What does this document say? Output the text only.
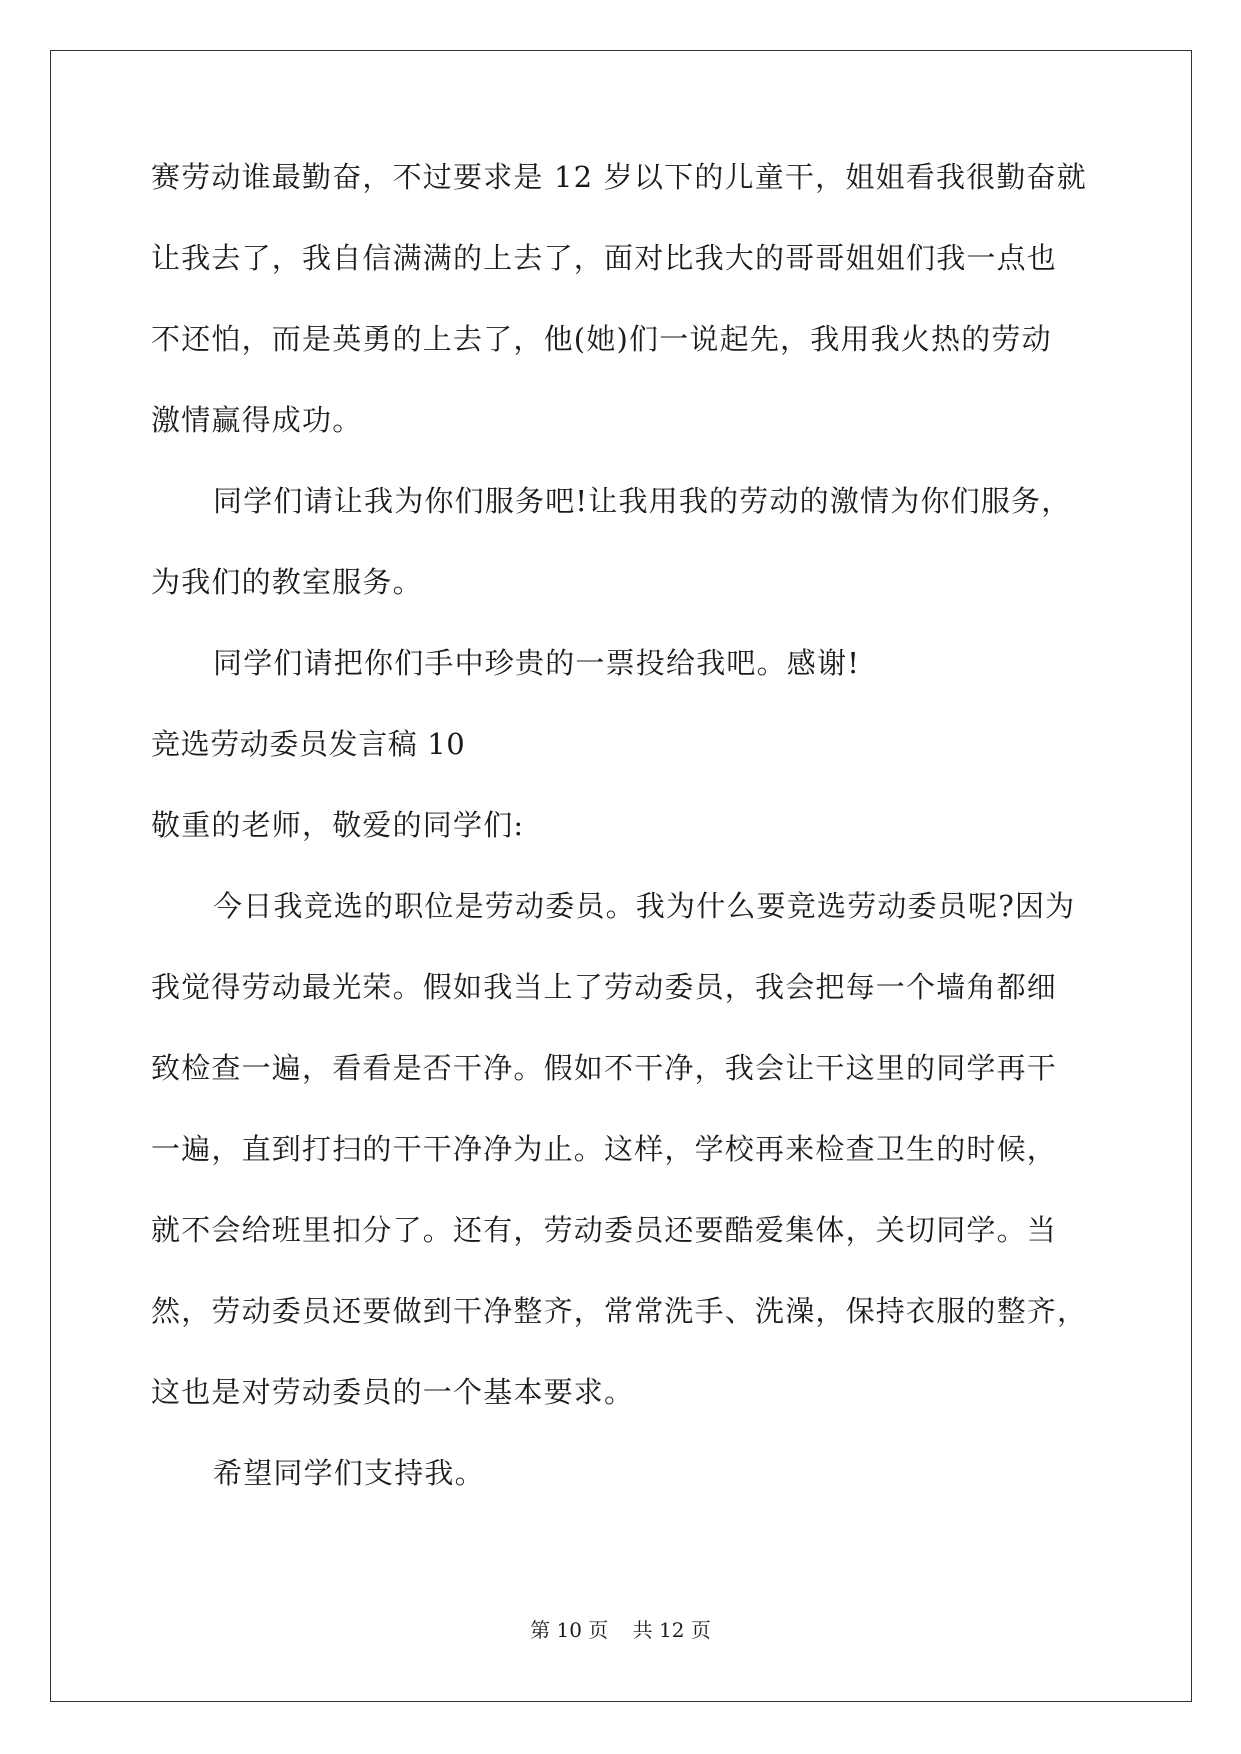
赛劳动谁最勤奋，不过要求是 12 岁以下的儿童干，姐姐看我很勤奋就
让我去了，我自信满满的上去了，面对比我大的哥哥姐姐们我一点也
不还怕，而是英勇的上去了，他(她)们一说起先，我用我火热的劳动
激情赢得成功。
同学们请让我为你们服务吧!让我用我的劳动的激情为你们服务，
为我们的教室服务。
同学们请把你们手中珍贵的一票投给我吧。感谢!
竞选劳动委员发言稿 10
敬重的老师，敬爱的同学们:
今日我竞选的职位是劳动委员。我为什么要竞选劳动委员呢?因为
我觉得劳动最光荣。假如我当上了劳动委员，我会把每一个墙角都细
致检查一遍，看看是否干净。假如不干净，我会让干这里的同学再干
一遍，直到打扫的干干净净为止。这样，学校再来检查卫生的时候，
就不会给班里扣分了。还有，劳动委员还要酷爱集体，关切同学。当
然，劳动委员还要做到干净整齐，常常洗手、洗澡，保持衣服的整齐，
这也是对劳动委员的一个基本要求。
希望同学们支持我。
第 10 页 共 12 页
